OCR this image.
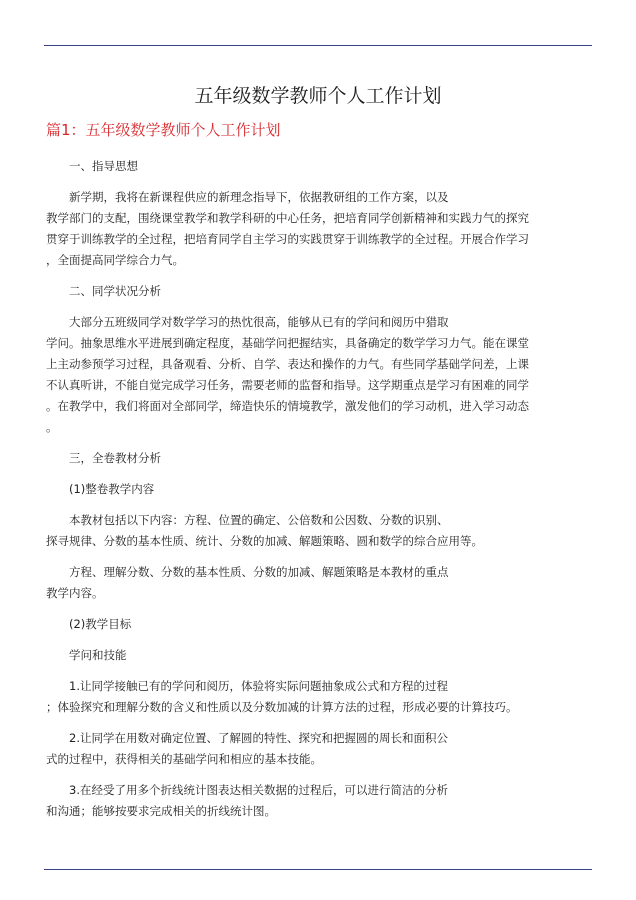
五年级数学教师个人工作计划
篇1：五年级数学教师个人工作计划
一、指导思想
新学期，我将在新课程供应的新理念指导下，依据教研组的工作方案，以及
教学部门的支配，围绕课堂教学和教学科研的中心任务，把培育同学创新精神和实践力气的探究
贯穿于训练教学的全过程，把培育同学自主学习的实践贯穿于训练教学的全过程。开展合作学习
，全面提高同学综合力气。
二、同学状况分析
大部分五班级同学对数学学习的热忱很高，能够从已有的学问和阅历中猎取
学问。抽象思维水平进展到确定程度，基础学问把握结实，具备确定的数学学习力气。能在课堂
上主动参预学习过程，具备观看、分析、自学、表达和操作的力气。有些同学基础学问差，上课
不认真听讲，不能自觉完成学习任务，需要老师的监督和指导。这学期重点是学习有困难的同学
。在教学中，我们将面对全部同学，缔造快乐的情境教学，激发他们的学习动机，进入学习动态
。
三，全卷教材分析
(1)整卷教学内容
本教材包括以下内容：方程、位置的确定、公倍数和公因数、分数的识别、
探寻规律、分数的基本性质、统计、分数的加减、解题策略、圆和数学的综合应用等。
方程、理解分数、分数的基本性质、分数的加减、解题策略是本教材的重点
教学内容。
(2)教学目标
学问和技能
1.让同学接触已有的学问和阅历，体验将实际问题抽象成公式和方程的过程
；体验探究和理解分数的含义和性质以及分数加减的计算方法的过程，形成必要的计算技巧。
2.让同学在用数对确定位置、了解圆的特性、探究和把握圆的周长和面积公
式的过程中，获得相关的基础学问和相应的基本技能。
3.在经受了用多个折线统计图表达相关数据的过程后，可以进行简洁的分析
和沟通；能够按要求完成相关的折线统计图。
